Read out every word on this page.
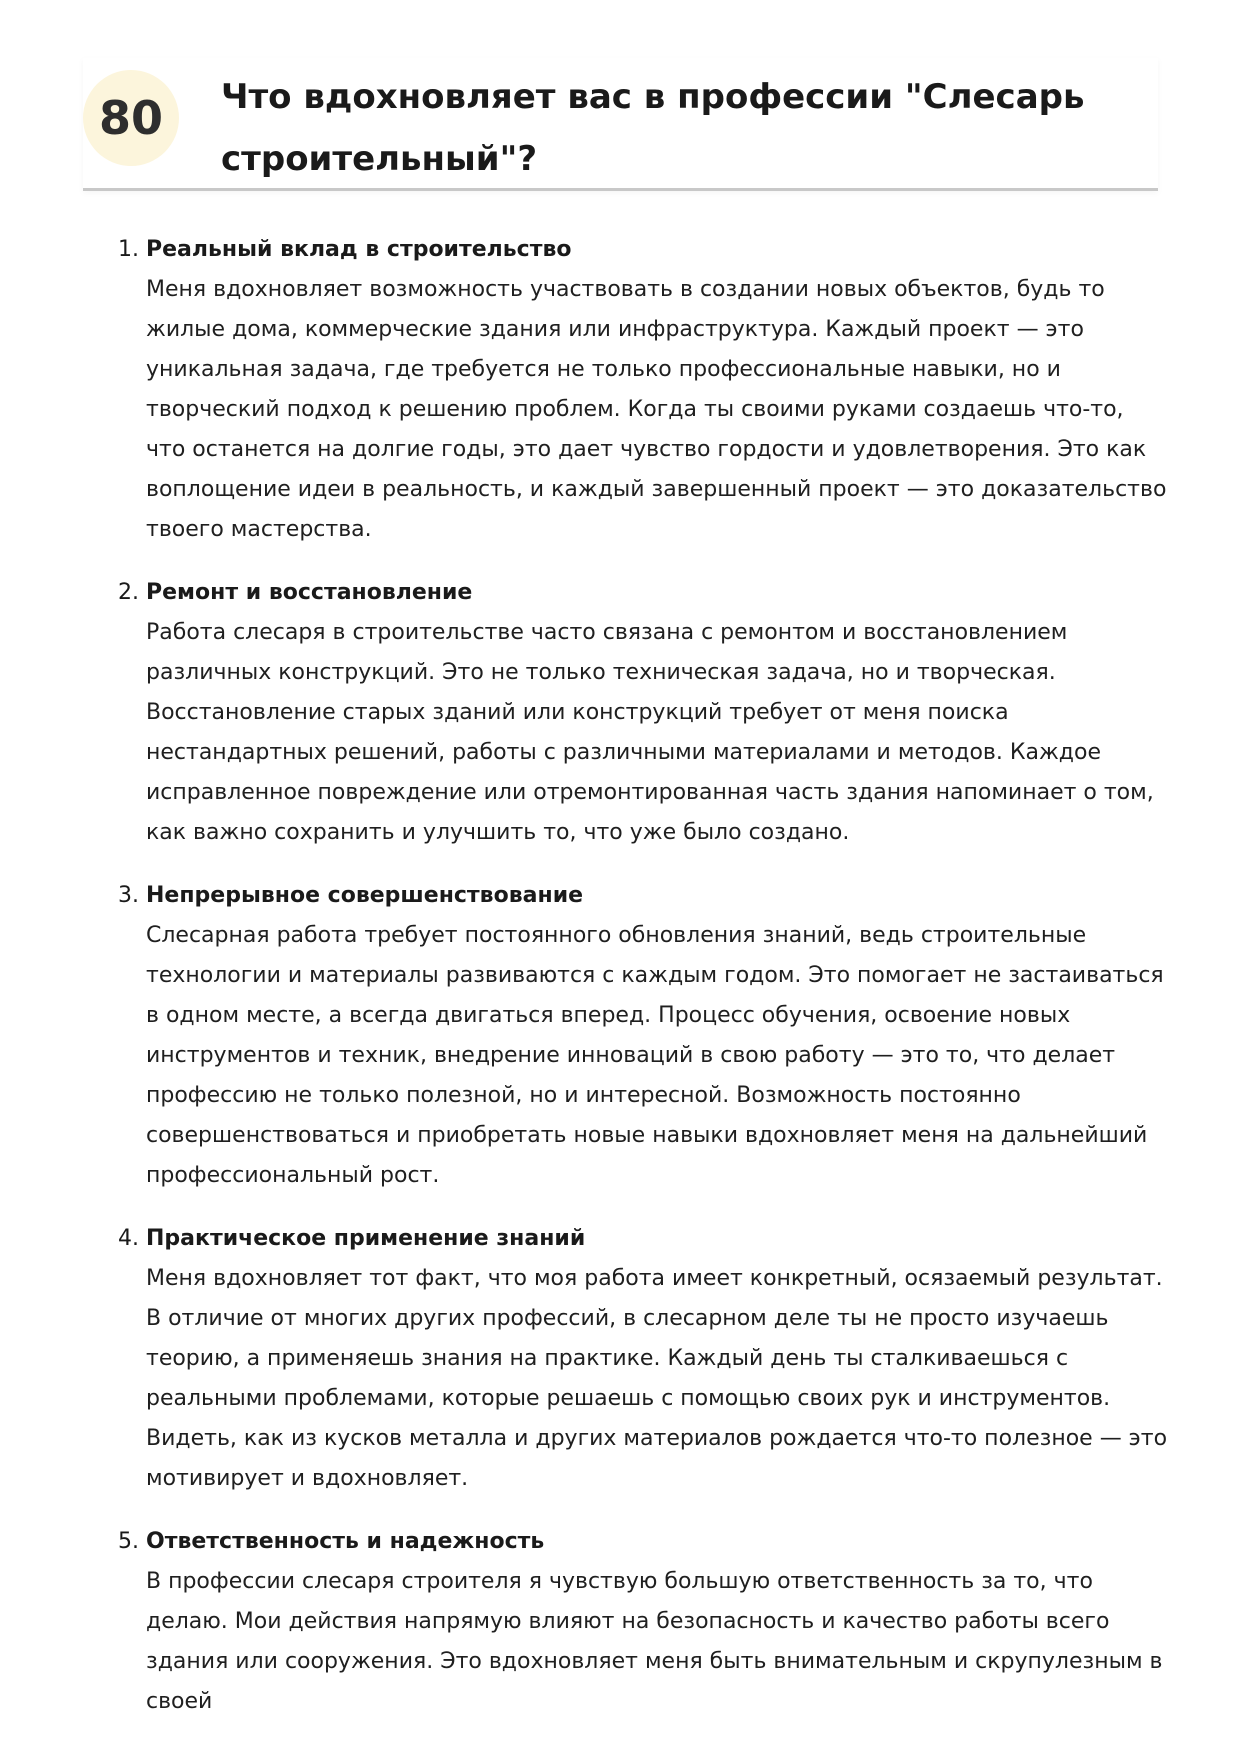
80	Что вдохновляет вас в профессии "Слесарь строительный"?
1. Реальный вклад в строительство

Меня вдохновляет возможность участвовать в создании новых объектов, будь то жилые дома, коммерческие здания или инфраструктура. Каждый проект — это уникальная задача, где требуется не только профессиональные навыки, но и творческий подход к решению проблем. Когда ты своими руками создаешь что-то, что останется на долгие годы, это дает чувство гордости и удовлетворения. Это как воплощение идеи в реальность, и каждый завершенный проект — это доказательство твоего мастерства.

2. Ремонт и восстановление

Работа слесаря в строительстве часто связана с ремонтом и восстановлением различных конструкций. Это не только техническая задача, но и творческая. Восстановление старых зданий или конструкций требует от меня поиска нестандартных решений, работы с различными материалами и методов. Каждое исправленное повреждение или отремонтированная часть здания напоминает о том, как важно сохранить и улучшить то, что уже было создано.

3. Непрерывное совершенствование

Слесарная работа требует постоянного обновления знаний, ведь строительные технологии и материалы развиваются с каждым годом. Это помогает не застаиваться в одном месте, а всегда двигаться вперед. Процесс обучения, освоение новых инструментов и техник, внедрение инноваций в свою работу — это то, что делает профессию не только полезной, но и интересной. Возможность постоянно совершенствоваться и приобретать новые навыки вдохновляет меня на дальнейший профессиональный рост.

4. Практическое применение знаний

Меня вдохновляет тот факт, что моя работа имеет конкретный, осязаемый результат. В отличие от многих других профессий, в слесарном деле ты не просто изучаешь теорию, а применяешь знания на практике. Каждый день ты сталкиваешься с реальными проблемами, которые решаешь с помощью своих рук и инструментов. Видеть, как из кусков металла и других материалов рождается что-то полезное — это мотивирует и вдохновляет.

5. Ответственность и надежность

В профессии слесаря строителя я чувствую большую ответственность за то, что делаю. Мои действия напрямую влияют на безопасность и качество работы всего здания или сооружения. Это вдохновляет меня быть внимательным и скрупулезным в своей
